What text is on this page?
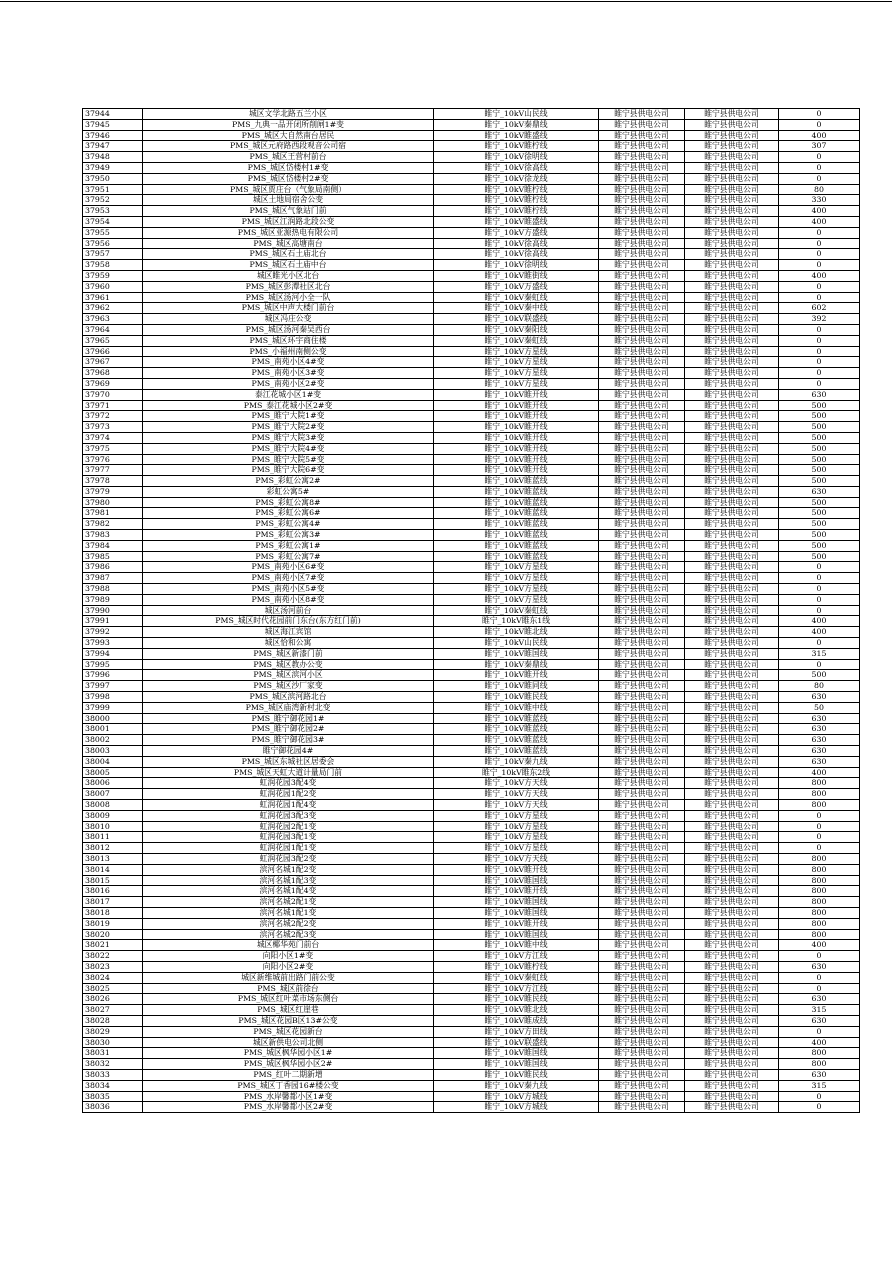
37944	城区文学北路五兰小区	睢宁_10kV山民线	睢宁县供电公司	睢宁县供电公司	0
37945	PMS_九典一品开闭所削闸1#变	睢宁_10kV秦鼎线	睢宁县供电公司	睢宁县供电公司	0
37946	PMS_城区大自然南台居民	睢宁_10kV睢盛线	睢宁县供电公司	睢宁县供电公司	400
37947	PMS_城区元府路西段观音公司宿	睢宁_10kV睢柠线	睢宁县供电公司	睢宁县供电公司	307
37948	PMS_城区王营村前台	睢宁_10kV徐明线	睢宁县供电公司	睢宁县供电公司	0
37949	PMS_城区岱楼村1#变	睢宁_10kV徐高线	睢宁县供电公司	睢宁县供电公司	0
37950	PMS_城区岱楼村2#变	睢宁_10kV徐龙线	睢宁县供电公司	睢宁县供电公司	0
37951	PMS_城区贾庄台（气象局南侧）	睢宁_10kV睢柠线	睢宁县供电公司	睢宁县供电公司	80
37952	城区土地局宿舍公变	睢宁_10kV睢柠线	睢宁县供电公司	睢宁县供电公司	330
37953	PMS_城区气象站门前	睢宁_10kV睢柠线	睢宁县供电公司	睢宁县供电公司	400
37954	PMS_城区江润路北段公变	睢宁_10kV睢盛线	睢宁县供电公司	睢宁县供电公司	400
37955	PMS_城区亚源热电有限公司	睢宁_10kV方盛线	睢宁县供电公司	睢宁县供电公司	0
37956	PMS_城区高塘南台	睢宁_10kV徐高线	睢宁县供电公司	睢宁县供电公司	0
37957	PMS_城区石土庙北台	睢宁_10kV徐高线	睢宁县供电公司	睢宁县供电公司	0
37958	PMS_城区石土庙中台	睢宁_10kV徐明线	睢宁县供电公司	睢宁县供电公司	0
37959	城区睢光小区北台	睢宁_10kV睢街线	睢宁县供电公司	睢宁县供电公司	400
37960	PMS_城区彭潭社区北台	睢宁_10kV万盛线	睢宁县供电公司	睢宁县供电公司	0
37961	PMS_城区汤河小全一队	睢宁_10kV秦虹线	睢宁县供电公司	睢宁县供电公司	0
37962	PMS_城区中声大楼门前台	睢宁_10kV秦中线	睢宁县供电公司	睢宁县供电公司	602
37963	城区冯庄公变	睢宁_10kV联盛线	睢宁县供电公司	睢宁县供电公司	392
37964	PMS_城区汤河秦吴西台	睢宁_10kV秦阳线	睢宁县供电公司	睢宁县供电公司	0
37965	PMS_城区环宇商住楼	睢宁_10kV秦虹线	睢宁县供电公司	睢宁县供电公司	0
37966	PMS_小福州南侧公变	睢宁_10kV方星线	睢宁县供电公司	睢宁县供电公司	0
37967	PMS_南苑小区4#变	睢宁_10kV方星线	睢宁县供电公司	睢宁县供电公司	0
37968	PMS_南苑小区3#变	睢宁_10kV方星线	睢宁县供电公司	睢宁县供电公司	0
37969	PMS_南苑小区2#变	睢宁_10kV方星线	睢宁县供电公司	睢宁县供电公司	0
37970	泰江花城小区1#变	睢宁_10kV睢开线	睢宁县供电公司	睢宁县供电公司	630
37971	PMS_泰江花城小区2#变	睢宁_10kV睢开线	睢宁县供电公司	睢宁县供电公司	500
37972	PMS_睢宁大院1#变	睢宁_10kV睢开线	睢宁县供电公司	睢宁县供电公司	500
37973	PMS_睢宁大院2#变	睢宁_10kV睢开线	睢宁县供电公司	睢宁县供电公司	500
37974	PMS_睢宁大院3#变	睢宁_10kV睢开线	睢宁县供电公司	睢宁县供电公司	500
37975	PMS_睢宁大院4#变	睢宁_10kV睢开线	睢宁县供电公司	睢宁县供电公司	500
37976	PMS_睢宁大院5#变	睢宁_10kV睢开线	睢宁县供电公司	睢宁县供电公司	500
37977	PMS_睢宁大院6#变	睢宁_10kV睢开线	睢宁县供电公司	睢宁县供电公司	500
37978	PMS_彩虹公寓2#	睢宁_10kV睢蓝线	睢宁县供电公司	睢宁县供电公司	500
37979	彩虹公寓5#	睢宁_10kV睢蓝线	睢宁县供电公司	睢宁县供电公司	630
37980	PMS_彩虹公寓8#	睢宁_10kV睢蓝线	睢宁县供电公司	睢宁县供电公司	500
37981	PMS_彩虹公寓6#	睢宁_10kV睢蓝线	睢宁县供电公司	睢宁县供电公司	500
37982	PMS_彩虹公寓4#	睢宁_10kV睢蓝线	睢宁县供电公司	睢宁县供电公司	500
37983	PMS_彩虹公寓3#	睢宁_10kV睢蓝线	睢宁县供电公司	睢宁县供电公司	500
37984	PMS_彩虹公寓1#	睢宁_10kV睢蓝线	睢宁县供电公司	睢宁县供电公司	500
37985	PMS_彩虹公寓7#	睢宁_10kV睢蓝线	睢宁县供电公司	睢宁县供电公司	500
37986	PMS_南苑小区6#变	睢宁_10kV方星线	睢宁县供电公司	睢宁县供电公司	0
37987	PMS_南苑小区7#变	睢宁_10kV方星线	睢宁县供电公司	睢宁县供电公司	0
37988	PMS_南苑小区5#变	睢宁_10kV方星线	睢宁县供电公司	睢宁县供电公司	0
37989	PMS_南苑小区8#变	睢宁_10kV方星线	睢宁县供电公司	睢宁县供电公司	0
37990	城区汤河前台	睢宁_10kV秦虹线	睢宁县供电公司	睢宁县供电公司	0
37991	PMS_城区时代花园前门东台(东方红门前)	睢宁_10kV睢东1线	睢宁县供电公司	睢宁县供电公司	400
37992	城区海江宾馆	睢宁_10kV睢北线	睢宁县供电公司	睢宁县供电公司	400
37993	城区恰和公寓	睢宁_10kV山民线	睢宁县供电公司	睢宁县供电公司	0
37994	PMS_城区新漆门前	睢宁_10kV睢国线	睢宁县供电公司	睢宁县供电公司	315
37995	PMS_城区教办公变	睢宁_10kV秦鼎线	睢宁县供电公司	睢宁县供电公司	0
37996	PMS_城区滨河小区	睢宁_10kV睢开线	睢宁县供电公司	睢宁县供电公司	500
37997	PMS_城区沙厂家变	睢宁_10kV睢同线	睢宁县供电公司	睢宁县供电公司	80
37998	PMS_城区滨河路北台	睢宁_10kV睢民线	睢宁县供电公司	睢宁县供电公司	630
37999	PMS_城区庙湾新村北变	睢宁_10kV睢中线	睢宁县供电公司	睢宁县供电公司	50
38000	PMS_睢宁御花园1#	睢宁_10kV睢蓝线	睢宁县供电公司	睢宁县供电公司	630
38001	PMS_睢宁御花园2#	睢宁_10kV睢蓝线	睢宁县供电公司	睢宁县供电公司	630
38002	PMS_睢宁御花园3#	睢宁_10kV睢蓝线	睢宁县供电公司	睢宁县供电公司	630
38003	睢宁御花园4#	睢宁_10kV睢蓝线	睢宁县供电公司	睢宁县供电公司	630
38004	PMS_城区东城社区居委会	睢宁_10kV秦九线	睢宁县供电公司	睢宁县供电公司	630
38005	PMS_城区天虹大道计量局门前	睢宁_10kV睢东2线	睢宁县供电公司	睢宁县供电公司	400
38006	虹润花园3配4变	睢宁_10kV方天线	睢宁县供电公司	睢宁县供电公司	800
38007	虹润花园1配2变	睢宁_10kV方天线	睢宁县供电公司	睢宁县供电公司	800
38008	虹润花园1配4变	睢宁_10kV方天线	睢宁县供电公司	睢宁县供电公司	800
38009	虹润花园3配3变	睢宁_10kV方星线	睢宁县供电公司	睢宁县供电公司	0
38010	虹润花园2配1变	睢宁_10kV方星线	睢宁县供电公司	睢宁县供电公司	0
38011	虹润花园3配1变	睢宁_10kV方星线	睢宁县供电公司	睢宁县供电公司	0
38012	虹润花园1配1变	睢宁_10kV方星线	睢宁县供电公司	睢宁县供电公司	0
38013	虹润花园3配2变	睢宁_10kV方天线	睢宁县供电公司	睢宁县供电公司	800
38014	滨河名城1配2变	睢宁_10kV睢开线	睢宁县供电公司	睢宁县供电公司	800
38015	滨河名城1配3变	睢宁_10kV睢国线	睢宁县供电公司	睢宁县供电公司	800
38016	滨河名城1配4变	睢宁_10kV睢开线	睢宁县供电公司	睢宁县供电公司	800
38017	滨河名城2配1变	睢宁_10kV睢国线	睢宁县供电公司	睢宁县供电公司	800
38018	滨河名城1配1变	睢宁_10kV睢国线	睢宁县供电公司	睢宁县供电公司	800
38019	滨河名城2配2变	睢宁_10kV睢开线	睢宁县供电公司	睢宁县供电公司	800
38020	滨河名城2配3变	睢宁_10kV睢国线	睢宁县供电公司	睢宁县供电公司	800
38021	城区椰华苑门前台	睢宁_10kV睢中线	睢宁县供电公司	睢宁县供电公司	400
38022	向阳小区1#变	睢宁_10kV方江线	睢宁县供电公司	睢宁县供电公司	0
38023	向阳小区2#变	睢宁_10kV睢柠线	睢宁县供电公司	睢宁县供电公司	630
38024	城区新维城前出路门前公变	睢宁_10kV秦虹线	睢宁县供电公司	睢宁县供电公司	0
38025	PMS_城区前徐台	睢宁_10kV方江线	睢宁县供电公司	睢宁县供电公司	0
38026	PMS_城区红叶菜市场东侧台	睢宁_10kV睢民线	睢宁县供电公司	睢宁县供电公司	630
38027	PMS_城区红崖巷	睢宁_10kV睢北线	睢宁县供电公司	睢宁县供电公司	315
38028	PMS_城区花园B区13#公变	睢宁_10kV睢成线	睢宁县供电公司	睢宁县供电公司	630
38029	PMS_城区花园新台	睢宁_10kV方田线	睢宁县供电公司	睢宁县供电公司	0
38030	城区新供电公司北侧	睢宁_10kV联盛线	睢宁县供电公司	睢宁县供电公司	400
38031	PMS_城区枫华园小区1#	睢宁_10kV睢国线	睢宁县供电公司	睢宁县供电公司	800
38032	PMS_城区枫华园小区2#	睢宁_10kV睢国线	睢宁县供电公司	睢宁县供电公司	800
38033	PMS_红叶二期新增	睢宁_10kV睢民线	睢宁县供电公司	睢宁县供电公司	630
38034	PMS_城区丁香园16#楼公变	睢宁_10kV秦九线	睢宁县供电公司	睢宁县供电公司	315
38035	PMS_水岸馨都小区1#变	睢宁_10kV方城线	睢宁县供电公司	睢宁县供电公司	0
38036	PMS_水岸馨都小区2#变	睢宁_10kV方城线	睢宁县供电公司	睢宁县供电公司	0
